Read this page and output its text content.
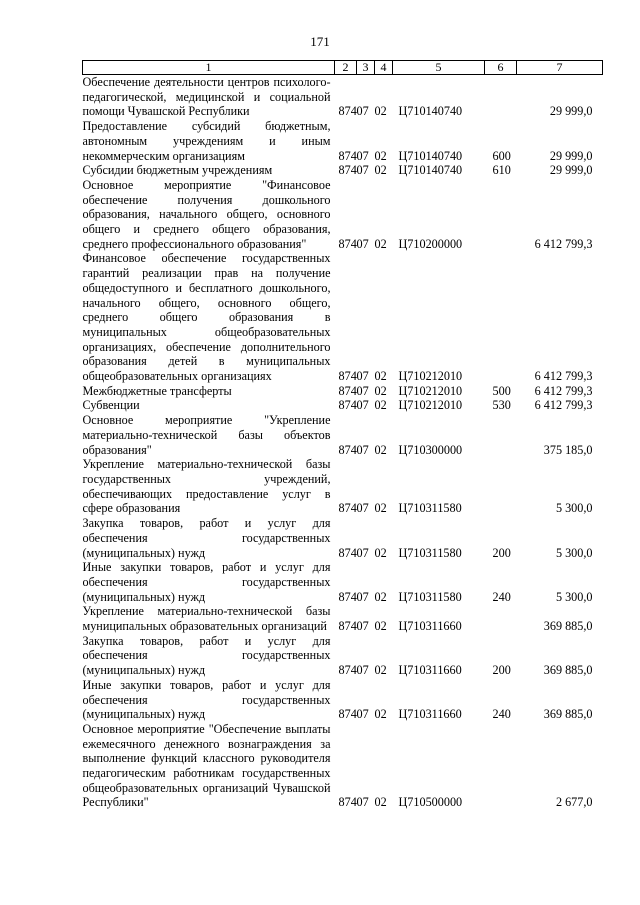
171
1	2	3	4	5	6	7
Обеспечение деятельности центров психолого-педагогической, медицинской и социальной помощи Чувашской Республики	874	07	02	Ц710140740		29 999,0
Предоставление субсидий бюджетным, автономным учреждениям и иным некоммерческим организациям	874	07	02	Ц710140740	600	29 999,0
Субсидии бюджетным учреждениям	874	07	02	Ц710140740	610	29 999,0
Основное мероприятие "Финансовое обеспечение получения дошкольного образования, начального общего, основного общего и среднего общего образования, среднего профессионального образования"	874	07	02	Ц710200000		6 412 799,3
Финансовое обеспечение государственных гарантий реализации прав на получение общедоступного и бесплатного дошкольного, начального общего, основного общего, среднего общего образования в муниципальных общеобразовательных организациях, обеспечение дополнительного образования детей в муниципальных общеобразовательных организациях	874	07	02	Ц710212010		6 412 799,3
Межбюджетные трансферты	874	07	02	Ц710212010	500	6 412 799,3
Субвенции	874	07	02	Ц710212010	530	6 412 799,3
Основное мероприятие "Укрепление материально-технической базы объектов образования"	874	07	02	Ц710300000		375 185,0
Укрепление материально-технической базы государственных учреждений, обеспечивающих предоставление услуг в сфере образования	874	07	02	Ц710311580		5 300,0
Закупка товаров, работ и услуг для обеспечения государственных (муниципальных) нужд	874	07	02	Ц710311580	200	5 300,0
Иные закупки товаров, работ и услуг для обеспечения государственных (муниципальных) нужд	874	07	02	Ц710311580	240	5 300,0
Укрепление материально-технической базы муниципальных образовательных организаций	874	07	02	Ц710311660		369 885,0
Закупка товаров, работ и услуг для обеспечения государственных (муниципальных) нужд	874	07	02	Ц710311660	200	369 885,0
Иные закупки товаров, работ и услуг для обеспечения государственных (муниципальных) нужд	874	07	02	Ц710311660	240	369 885,0
Основное мероприятие "Обеспечение выплаты ежемесячного денежного вознаграждения за выполнение функций классного руководителя педагогическим работникам государственных общеобразовательных организаций Чувашской Республики"	874	07	02	Ц710500000		2 677,0
